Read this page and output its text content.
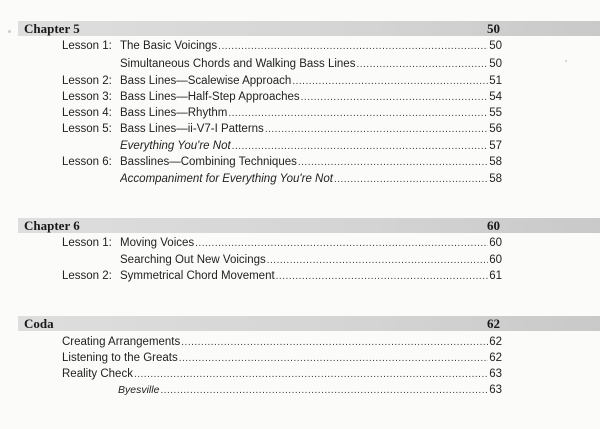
Chapter 5	50
Lesson 1: The Basic Voicings .....	50
Simultaneous Chords and Walking Bass Lines .....	50
Lesson 2: Bass Lines—Scalewise Approach .....	51
Lesson 3: Bass Lines—Half-Step Approaches .....	54
Lesson 4: Bass Lines—Rhythm .....	55
Lesson 5: Bass Lines—ii-V7-I Patterns .....	56
Everything You're Not .....	57
Lesson 6: Basslines—Combining Techniques .....	58
Accompaniment for Everything You're Not .....	58
Chapter 6	60
Lesson 1: Moving Voices .....	60
Searching Out New Voicings .....	60
Lesson 2: Symmetrical Chord Movement .....	61
Coda	62
Creating Arrangements .....	62
Listening to the Greats .....	62
Reality Check .....	63
Byesville .....	63
